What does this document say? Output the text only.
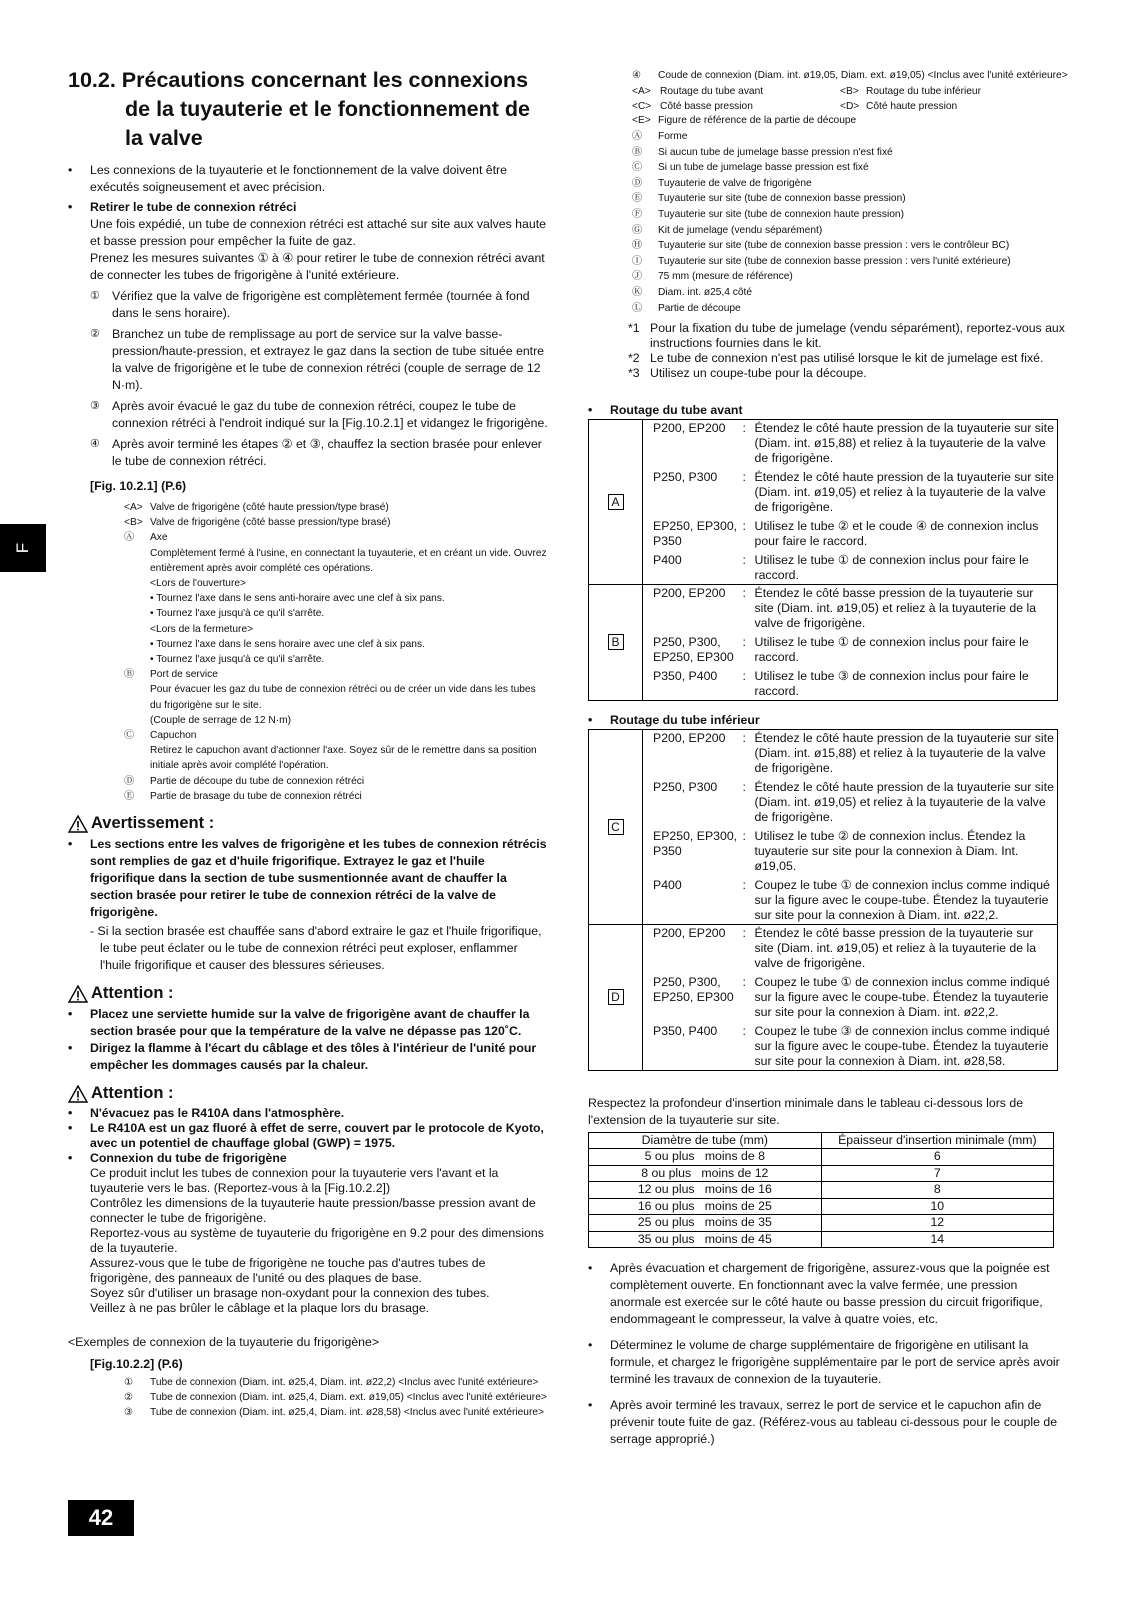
F
10.2. Précautions concernant les connexions de la tuyauterie et le fonctionnement de la valve
• Les connexions de la tuyauterie et le fonctionnement de la valve doivent être exécutés soigneusement et avec précision.
• Retirer le tube de connexion rétréci
Une fois expédié, un tube de connexion rétréci est attaché sur site aux valves haute et basse pression pour empêcher la fuite de gaz.
Prenez les mesures suivantes ① à ④ pour retirer le tube de connexion rétréci avant de connecter les tubes de frigorigène à l'unité extérieure.
① Vérifiez que la valve de frigorigène est complètement fermée (tournée à fond dans le sens horaire).
② Branchez un tube de remplissage au port de service sur la valve basse-pression/haute-pression, et extrayez le gaz dans la section de tube située entre la valve de frigorigène et le tube de connexion rétréci (couple de serrage de 12 N·m).
③ Après avoir évacué le gaz du tube de connexion rétréci, coupez le tube de connexion rétréci à l'endroit indiqué sur la [Fig.10.2.1] et vidangez le frigorigène.
④ Après avoir terminé les étapes ② et ③, chauffez la section brasée pour enlever le tube de connexion rétréci.
[Fig. 10.2.1] (P.6)
<A> Valve de frigorigène (côté haute pression/type brasé)
<B> Valve de frigorigène (côté basse pression/type brasé)
Ⓐ	Axe
Complètement fermé à l'usine, en connectant la tuyauterie, et en créant un vide. Ouvrez entièrement après avoir complété ces opérations.
<Lors de l'ouverture>
• Tournez l'axe dans le sens anti-horaire avec une clef à six pans.
• Tournez l'axe jusqu'à ce qu'il s'arrête.
<Lors de la fermeture>
• Tournez l'axe dans le sens horaire avec une clef à six pans.
• Tournez l'axe jusqu'à ce qu'il s'arrête.
Ⓑ	Port de service
Pour évacuer les gaz du tube de connexion rétréci ou de créer un vide dans les tubes du frigorigène sur le site.
(Couple de serrage de 12 N·m)
Ⓒ	Capuchon
Retirez le capuchon avant d'actionner l'axe. Soyez sûr de le remettre dans sa position initiale après avoir complété l'opération.
Ⓓ	Partie de découpe du tube de connexion rétréci
Ⓔ	Partie de brasage du tube de connexion rétréci
Avertissement :
• Les sections entre les valves de frigorigène et les tubes de connexion rétrécis sont remplies de gaz et d'huile frigorifique. Extrayez le gaz et l'huile frigorifique dans la section de tube susmentionnée avant de chauffer la section brasée pour retirer le tube de connexion rétréci de la valve de frigorigène.
- Si la section brasée est chauffée sans d'abord extraire le gaz et l'huile frigorifique, le tube peut éclater ou le tube de connexion rétréci peut exploser, enflammer l'huile frigorifique et causer des blessures sérieuses.
Attention :
• Placez une serviette humide sur la valve de frigorigène avant de chauffer la section brasée pour que la température de la valve ne dépasse pas 120˚C.
• Dirigez la flamme à l'écart du câblage et des tôles à l'intérieur de l'unité pour empêcher les dommages causés par la chaleur.
Attention :
• N'évacuez pas le R410A dans l'atmosphère.
• Le R410A est un gaz fluoré à effet de serre, couvert par le protocole de Kyoto, avec un potentiel de chauffage global (GWP) = 1975.
• Connexion du tube de frigorigène
Ce produit inclut les tubes de connexion pour la tuyauterie vers l'avant et la tuyauterie vers le bas. (Reportez-vous à la [Fig.10.2.2])
Contrôlez les dimensions de la tuyauterie haute pression/basse pression avant de connecter le tube de frigorigène.
Reportez-vous au système de tuyauterie du frigorigène en 9.2 pour des dimensions de la tuyauterie.
Assurez-vous que le tube de frigorigène ne touche pas d'autres tubes de frigorigène, des panneaux de l'unité ou des plaques de base.
Soyez sûr d'utiliser un brasage non-oxydant pour la connexion des tubes.
Veillez à ne pas brûler le câblage et la plaque lors du brasage.
<Exemples de connexion de la tuyauterie du frigorigène>
[Fig.10.2.2] (P.6)
①	Tube de connexion (Diam. int. ø25,4, Diam. int. ø22,2) <Inclus avec l'unité extérieure>
②	Tube de connexion (Diam. int. ø25,4, Diam. ext. ø19,05) <Inclus avec l'unité extérieure>
③	Tube de connexion (Diam. int. ø25,4, Diam. int. ø28,58) <Inclus avec l'unité extérieure>
④	Coude de connexion (Diam. int. ø19,05, Diam. ext. ø19,05) <Inclus avec l'unité extérieure>
<A> Routage du tube avant	<B> Routage du tube inférieur
<C> Côté basse pression	<D> Côté haute pression
<E> Figure de référence de la partie de découpe
Ⓐ	Forme
Ⓑ	Si aucun tube de jumelage basse pression n'est fixé
Ⓒ	Si un tube de jumelage basse pression est fixé
Ⓓ	Tuyauterie de valve de frigorigène
Ⓔ	Tuyauterie sur site (tube de connexion basse pression)
Ⓕ	Tuyauterie sur site (tube de connexion haute pression)
Ⓖ	Kit de jumelage (vendu séparément)
Ⓗ	Tuyauterie sur site (tube de connexion basse pression : vers le contrôleur BC)
Ⓘ	Tuyauterie sur site (tube de connexion basse pression : vers l'unité extérieure)
Ⓙ	75 mm (mesure de référence)
Ⓚ	Diam. int. ø25,4 côté
Ⓛ	Partie de découpe
*1 Pour la fixation du tube de jumelage (vendu séparément), reportez-vous aux instructions fournies dans le kit.
*2 Le tube de connexion n'est pas utilisé lorsque le kit de jumelage est fixé.
*3 Utilisez un coupe-tube pour la découpe.
• Routage du tube avant
A	P200, EP200	: Étendez le côté haute pression de la tuyauterie sur site (Diam. int. ø15,88) et reliez à la tuyauterie de la valve de frigorigène.

	P250, P300	: Étendez le côté haute pression de la tuyauterie sur site (Diam. int. ø19,05) et reliez à la tuyauterie de la valve de frigorigène.

	EP250, EP300, P350	: Utilisez le tube ② et le coude ④ de connexion inclus pour faire le raccord.

	P400	: Utilisez le tube ① de connexion inclus pour faire le raccord.

B	P200, EP200	: Étendez le côté basse pression de la tuyauterie sur site (Diam. int. ø19,05) et reliez à la tuyauterie de la valve de frigorigène.

	P250, P300, EP250, EP300	: Utilisez le tube ① de connexion inclus pour faire le raccord.

	P350, P400	: Utilisez le tube ③ de connexion inclus pour faire le raccord.
• Routage du tube inférieur
C	P200, EP200	: Étendez le côté haute pression de la tuyauterie sur site (Diam. int. ø15,88) et reliez à la tuyauterie de la valve de frigorigène.

	P250, P300	: Étendez le côté haute pression de la tuyauterie sur site (Diam. int. ø19,05) et reliez à la tuyauterie de la valve de frigorigène.

	EP250, EP300, P350	: Utilisez le tube ② de connexion inclus. Étendez la tuyauterie sur site pour la connexion à Diam. Int. ø19,05.

	P400	: Coupez le tube ① de connexion inclus comme indiqué sur la figure avec le coupe-tube. Étendez la tuyauterie sur site pour la connexion à Diam. int. ø22,2.

D	P200, EP200	: Étendez le côté basse pression de la tuyauterie sur site (Diam. int. ø19,05) et reliez à la tuyauterie de la valve de frigorigène.

	P250, P300, EP250, EP300	: Coupez le tube ① de connexion inclus comme indiqué sur la figure avec le coupe-tube. Étendez la tuyauterie sur site pour la connexion à Diam. int. ø22,2.

	P350, P400	: Coupez le tube ③ de connexion inclus comme indiqué sur la figure avec le coupe-tube. Étendez la tuyauterie sur site pour la connexion à Diam. int. ø28,58.
Respectez la profondeur d'insertion minimale dans le tableau ci-dessous lors de l'extension de la tuyauterie sur site.
Diamètre de tube (mm)	Épaisseur d'insertion minimale (mm)
5 ou plus   moins de 8	6
8 ou plus   moins de 12	7
12 ou plus   moins de 16	8
16 ou plus   moins de 25	10
25 ou plus   moins de 35	12
35 ou plus   moins de 45	14
• Après évacuation et chargement de frigorigène, assurez-vous que la poignée est complètement ouverte. En fonctionnant avec la valve fermée, une pression anormale est exercée sur le côté haute ou basse pression du circuit frigorifique, endommageant le compresseur, la valve à quatre voies, etc.
• Déterminez le volume de charge supplémentaire de frigorigène en utilisant la formule, et chargez le frigorigène supplémentaire par le port de service après avoir terminé les travaux de connexion de la tuyauterie.
• Après avoir terminé les travaux, serrez le port de service et le capuchon afin de prévenir toute fuite de gaz. (Référez-vous au tableau ci-dessous pour le couple de serrage approprié.)
42
